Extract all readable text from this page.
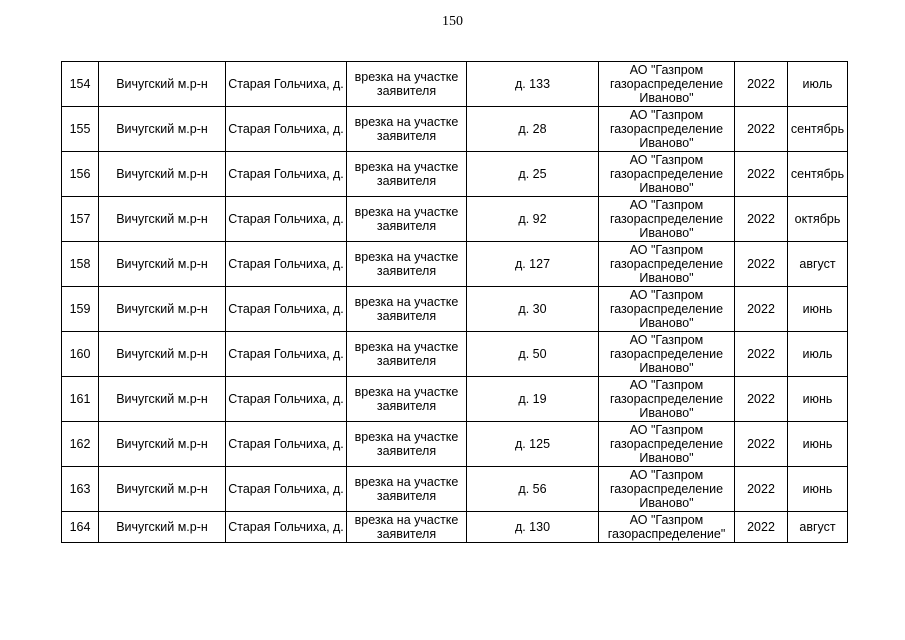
150
154	Вичугский м.р-н	Старая Гольчиха, д.	врезка на участке заявителя	д. 133	АО "Газпром газораспределение Иваново"	2022	июль

155	Вичугский м.р-н	Старая Гольчиха, д.	врезка на участке заявителя	д. 28	АО "Газпром газораспределение Иваново"	2022	сентябрь

156	Вичугский м.р-н	Старая Гольчиха, д.	врезка на участке заявителя	д. 25	АО "Газпром газораспределение Иваново"	2022	сентябрь

157	Вичугский м.р-н	Старая Гольчиха, д.	врезка на участке заявителя	д. 92	АО "Газпром газораспределение Иваново"	2022	октябрь

158	Вичугский м.р-н	Старая Гольчиха, д.	врезка на участке заявителя	д. 127	АО "Газпром газораспределение Иваново"	2022	август

159	Вичугский м.р-н	Старая Гольчиха, д.	врезка на участке заявителя	д. 30	АО "Газпром газораспределение Иваново"	2022	июнь

160	Вичугский м.р-н	Старая Гольчиха, д.	врезка на участке заявителя	д. 50	АО "Газпром газораспределение Иваново"	2022	июль

161	Вичугский м.р-н	Старая Гольчиха, д.	врезка на участке заявителя	д. 19	АО "Газпром газораспределение Иваново"	2022	июнь

162	Вичугский м.р-н	Старая Гольчиха, д.	врезка на участке заявителя	д. 125	АО "Газпром газораспределение Иваново"	2022	июнь

163	Вичугский м.р-н	Старая Гольчиха, д.	врезка на участке заявителя	д. 56	АО "Газпром газораспределение Иваново"	2022	июнь

164	Вичугский м.р-н	Старая Гольчиха, д.	врезка на участке заявителя	д. 130	АО "Газпром газораспределение"	2022	август
